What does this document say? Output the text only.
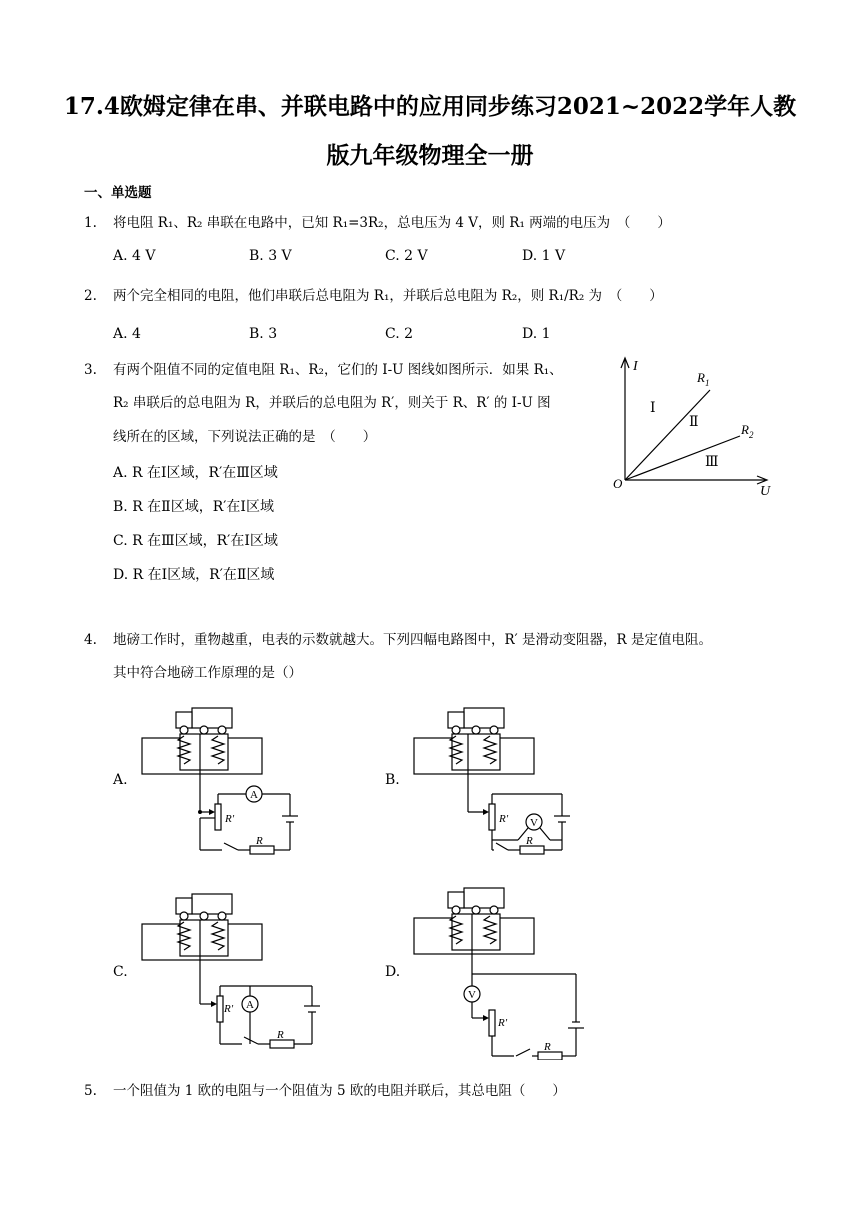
17.4欧姆定律在串、并联电路中的应用同步练习2021~2022学年人教
版九年级物理全一册
一、单选题
1. 将电阻 R₁、R₂ 串联在电路中，已知 R₁=3R₂，总电压为 4 V，则 R₁ 两端的电压为　（　　）
A. 4 V	B. 3 V	C. 2 V	D. 1 V
2. 两个完全相同的电阻，他们串联后总电阻为 R₁，并联后总电阻为 R₂，则 R₁/R₂ 为　（　　）
A. 4	B. 3	C. 2	D. 1
3. 有两个阻值不同的定值电阻 R₁、R₂，它们的 I-U 图线如图所示．如果 R₁、
R₂ 串联后的总电阻为 R，并联后的总电阻为 R′，则关于 R、R′ 的 I-U 图
线所在的区域，下列说法正确的是　（　　）
A. R 在Ⅰ区域，R′在Ⅲ区域
B. R 在Ⅱ区域，R′在Ⅰ区域
C. R 在Ⅲ区域，R′在Ⅰ区域
D. R 在Ⅰ区域，R′在Ⅱ区域
I
U
O
$R_1$
$R_2$
Ⅰ
Ⅱ
Ⅲ
4. 地磅工作时，重物越重，电表的示数就越大。下列四幅电路图中，R′ 是滑动变阻器，R 是定值电阻。
其中符合地磅工作原理的是（）
A.	B.
C.	D.
A
R′
R
V
R′
R
A
R′
R
V
R′
R
5. 一个阻值为 1 欧的电阻与一个阻值为 5 欧的电阻并联后，其总电阻（　　）
